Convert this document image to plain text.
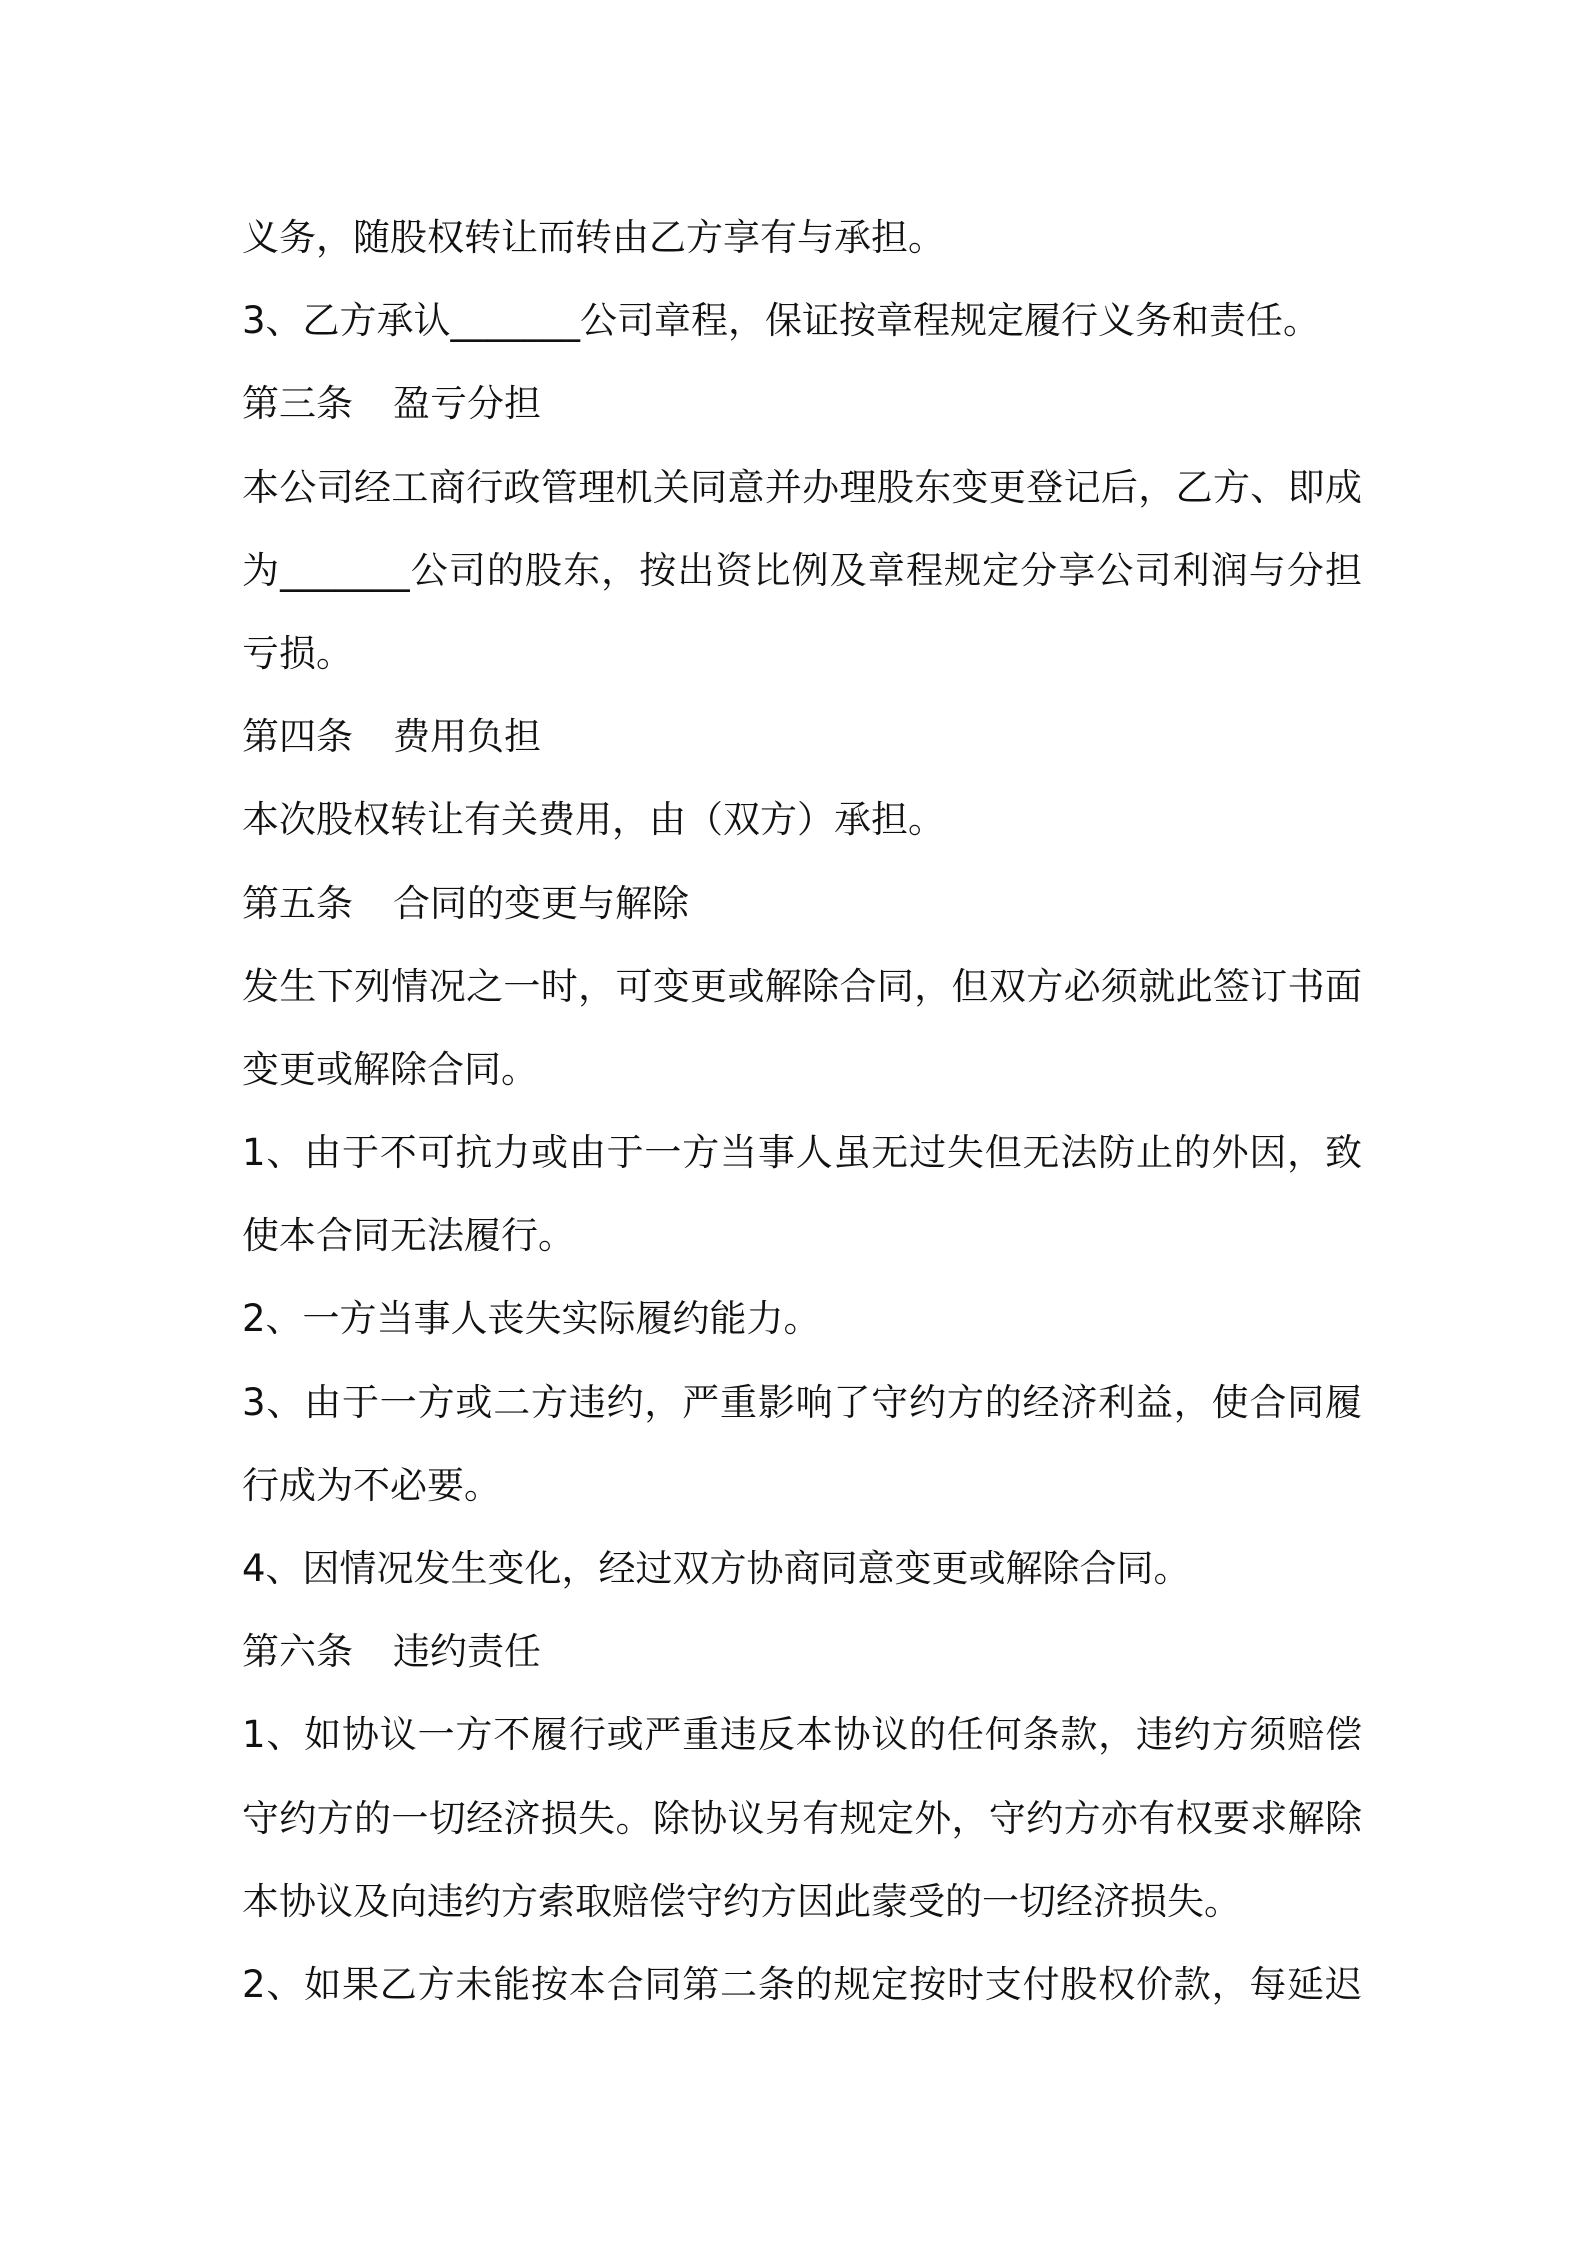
义务，随股权转让而转由乙方享有与承担。
3、乙方承认_______公司章程，保证按章程规定履行义务和责任。
第三条 盈亏分担
本公司经工商行政管理机关同意并办理股东变更登记后，乙方、即成
为_______公司的股东，按出资比例及章程规定分享公司利润与分担
亏损。
第四条 费用负担
本次股权转让有关费用，由（双方）承担。
第五条 合同的变更与解除
发生下列情况之一时，可变更或解除合同，但双方必须就此签订书面
变更或解除合同。
1、由于不可抗力或由于一方当事人虽无过失但无法防止的外因，致
使本合同无法履行。
2、一方当事人丧失实际履约能力。
3、由于一方或二方违约，严重影响了守约方的经济利益，使合同履
行成为不必要。
4、因情况发生变化，经过双方协商同意变更或解除合同。
第六条 违约责任
1、如协议一方不履行或严重违反本协议的任何条款，违约方须赔偿
守约方的一切经济损失。除协议另有规定外，守约方亦有权要求解除
本协议及向违约方索取赔偿守约方因此蒙受的一切经济损失。
2、如果乙方未能按本合同第二条的规定按时支付股权价款，每延迟
